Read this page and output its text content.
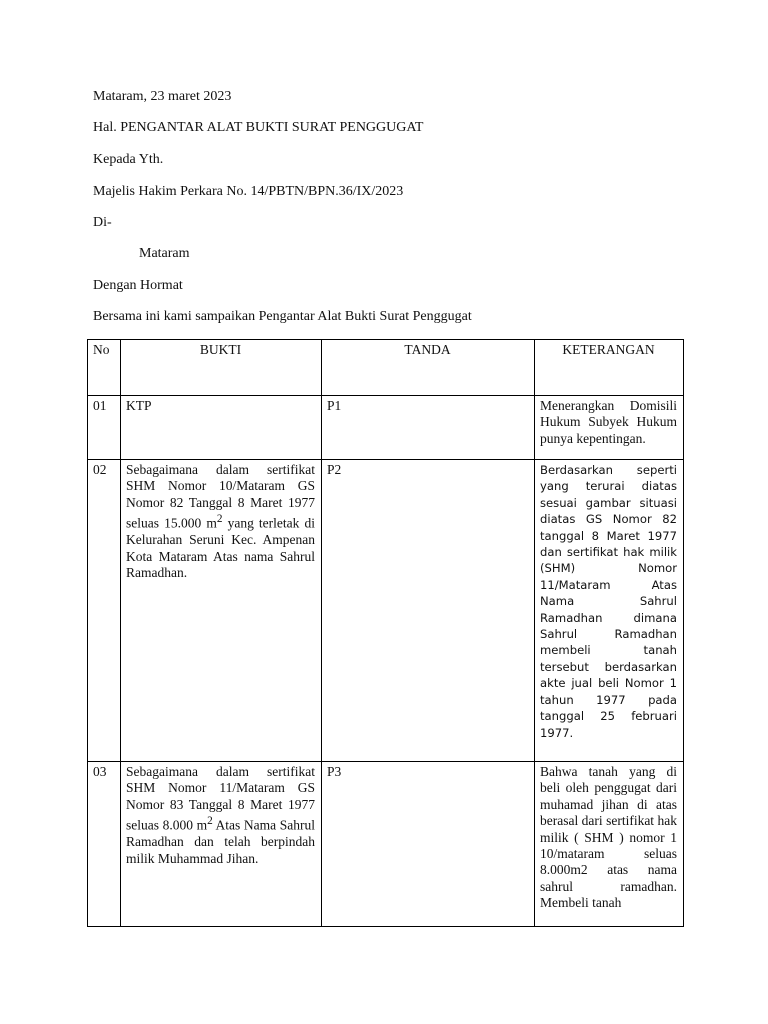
Mataram, 23 maret 2023
Hal. PENGANTAR ALAT BUKTI SURAT PENGGUGAT
Kepada Yth.
Majelis Hakim Perkara No. 14/PBTN/BPN.36/IX/2023
Di-
Mataram
Dengan Hormat
Bersama ini kami sampaikan Pengantar Alat Bukti Surat Penggugat
No	BUKTI	TANDA	KETERANGAN
01	KTP	P1	Menerangkan Domisili Hukum Subyek Hukum punya kepentingan.
02	Sebagaimana dalam sertifikat SHM Nomor 10/Mataram GS Nomor 82 Tanggal 8 Maret 1977 seluas 15.000 $m^2$ yang terletak di Kelurahan Seruni Kec. Ampenan Kota Mataram Atas nama Sahrul Ramadhan.	P2	Berdasarkan seperti yang terurai diatas sesuai gambar situasi diatas GS Nomor 82 tanggal 8 Maret 1977 dan sertifikat hak milik (SHM) Nomor 11/Mataram Atas Nama Sahrul Ramadhan dimana Sahrul Ramadhan membeli tanah tersebut berdasarkan akte jual beli Nomor 1 tahun 1977 pada tanggal 25 februari 1977.
03	Sebagaimana dalam sertifikat SHM Nomor 11/Mataram GS Nomor 83 Tanggal 8 Maret 1977 seluas 8.000 $m^2$ Atas Nama Sahrul Ramadhan dan telah berpindah milik Muhammad Jihan.	P3	Bahwa tanah yang di beli oleh penggugat dari muhamad jihan di atas berasal dari sertifikat hak milik ( SHM ) nomor 1 10/mataram seluas 8.000m2 atas nama sahrul ramadhan. Membeli tanah
